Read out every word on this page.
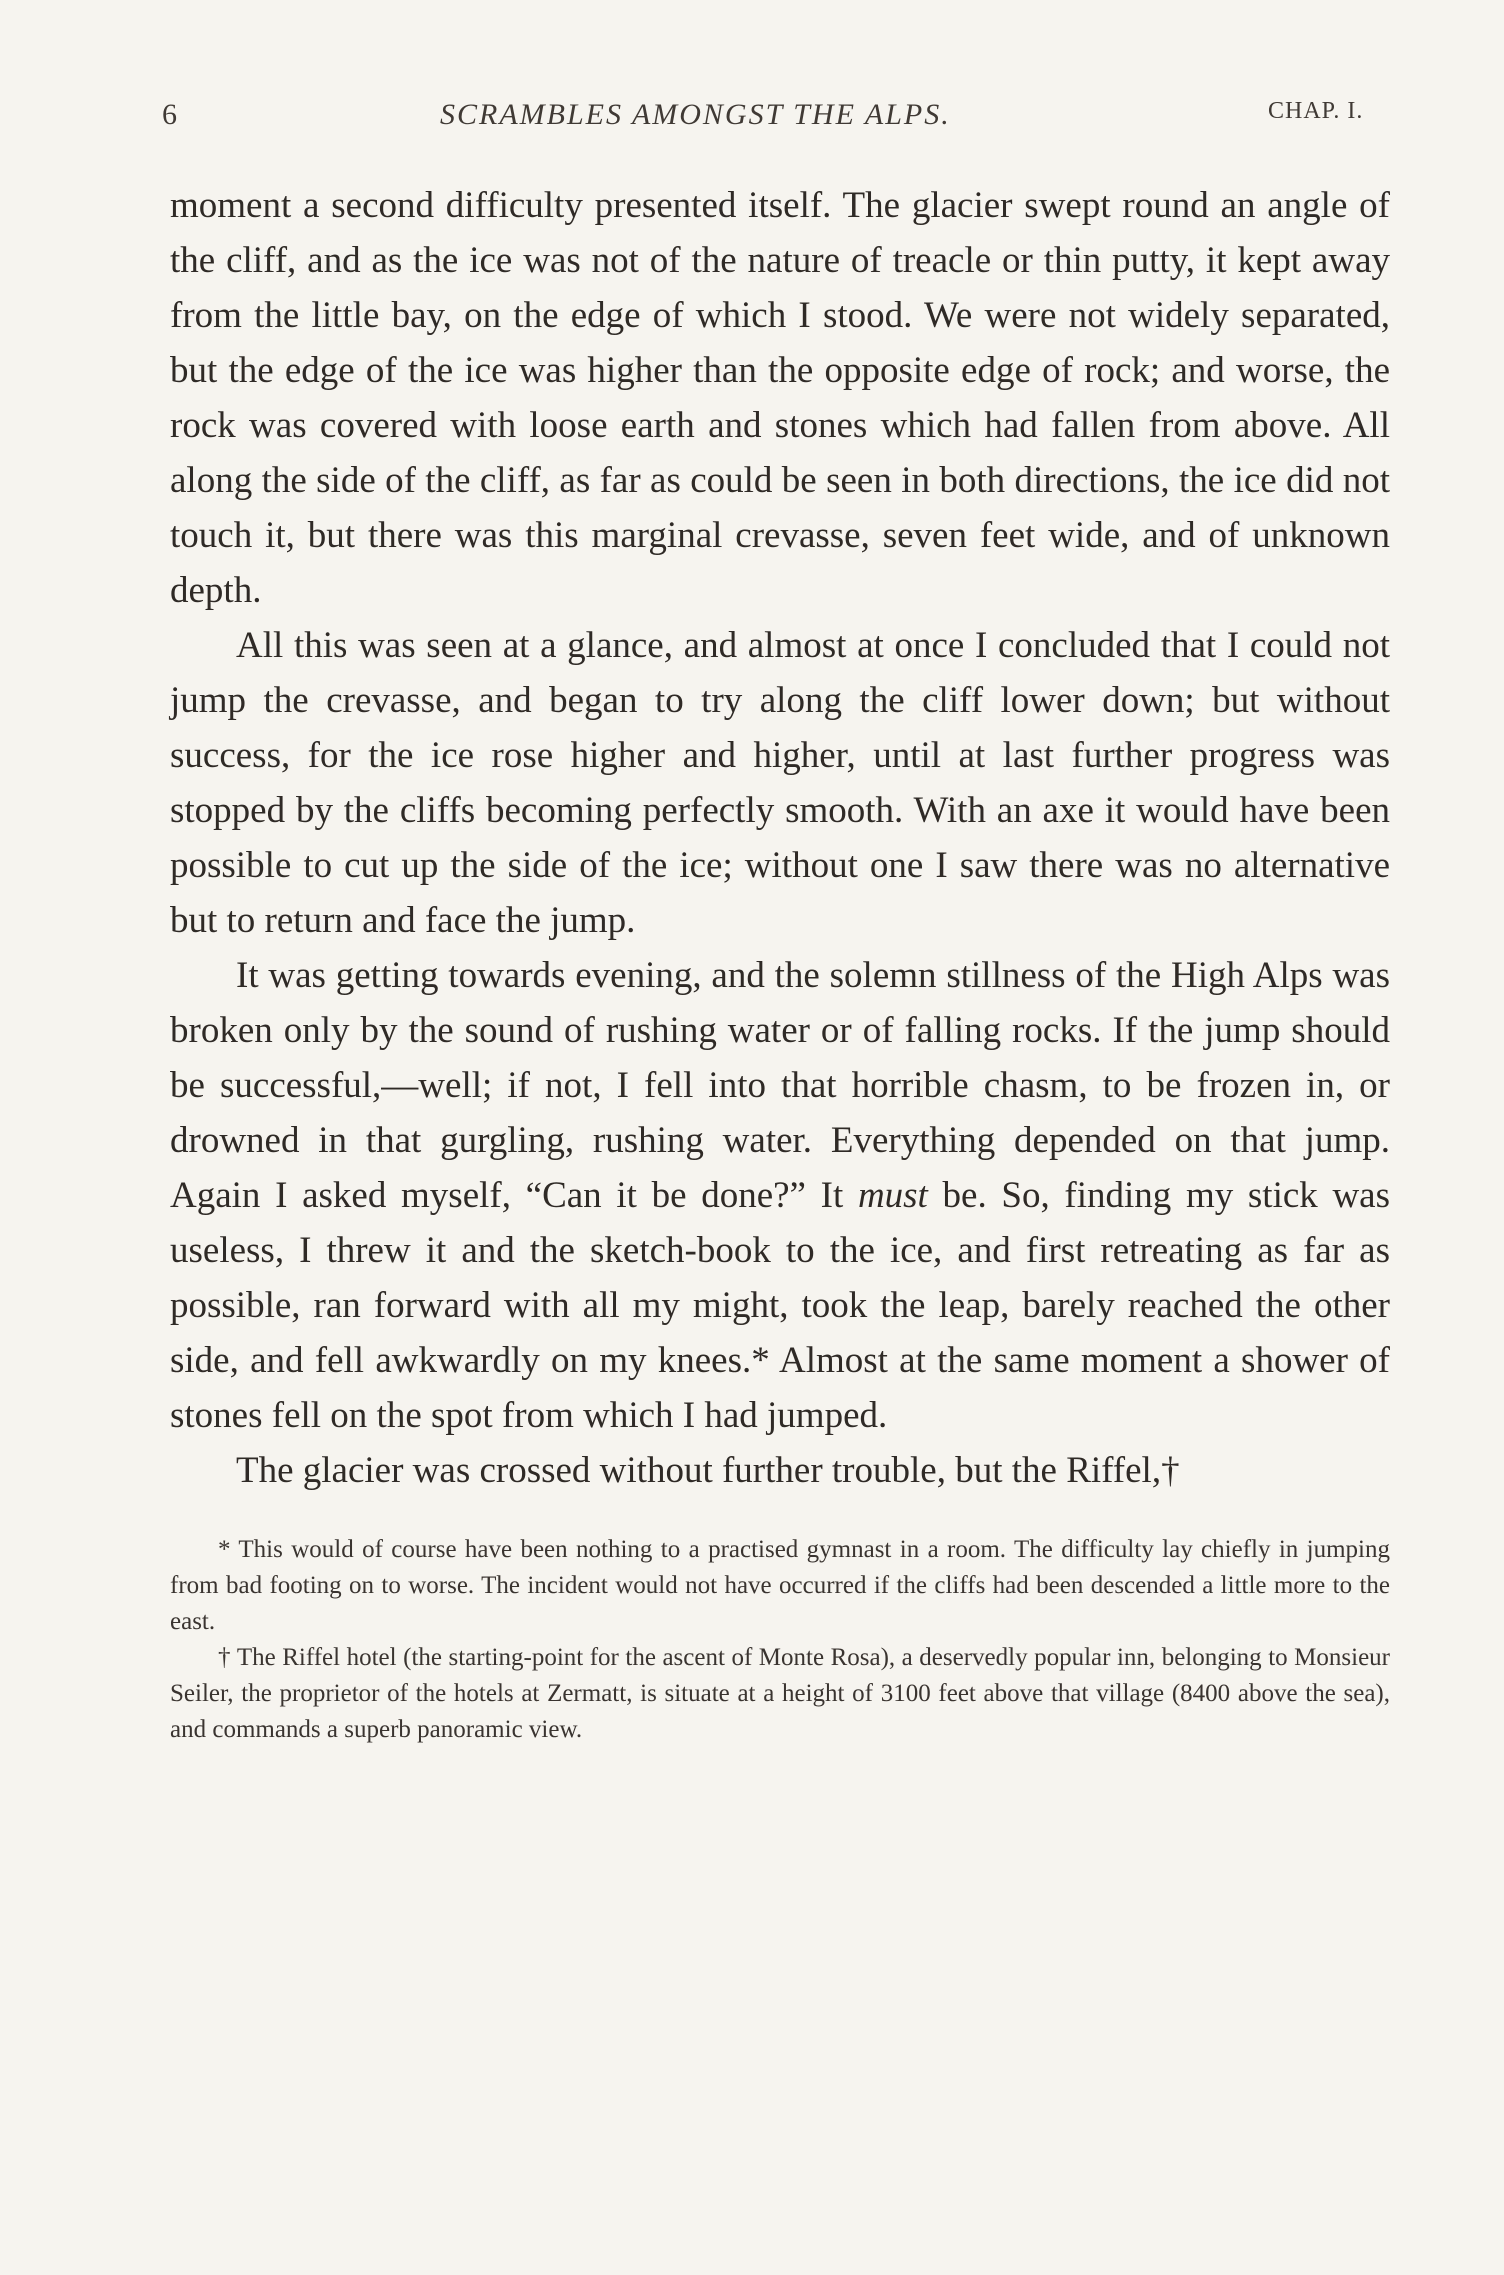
6	SCRAMBLES AMONGST THE ALPS.	CHAP. I.

moment a second difficulty presented itself. The glacier swept round an angle of the cliff, and as the ice was not of the nature of treacle or thin putty, it kept away from the little bay, on the edge of which I stood. We were not widely separated, but the edge of the ice was higher than the opposite edge of rock; and worse, the rock was covered with loose earth and stones which had fallen from above. All along the side of the cliff, as far as could be seen in both directions, the ice did not touch it, but there was this marginal crevasse, seven feet wide, and of unknown depth.

All this was seen at a glance, and almost at once I concluded that I could not jump the crevasse, and began to try along the cliff lower down; but without success, for the ice rose higher and higher, until at last further progress was stopped by the cliffs becoming perfectly smooth. With an axe it would have been possible to cut up the side of the ice; without one I saw there was no alternative but to return and face the jump.

It was getting towards evening, and the solemn stillness of the High Alps was broken only by the sound of rushing water or of falling rocks. If the jump should be successful,—well; if not, I fell into that horrible chasm, to be frozen in, or drowned in that gurgling, rushing water. Everything depended on that jump. Again I asked myself, “Can it be done?” It must be. So, finding my stick was useless, I threw it and the sketch-book to the ice, and first retreating as far as possible, ran forward with all my might, took the leap, barely reached the other side, and fell awkwardly on my knees.* Almost at the same moment a shower of stones fell on the spot from which I had jumped.

The glacier was crossed without further trouble, but the Riffel,†

* This would of course have been nothing to a practised gymnast in a room. The difficulty lay chiefly in jumping from bad footing on to worse. The incident would not have occurred if the cliffs had been descended a little more to the east.

† The Riffel hotel (the starting-point for the ascent of Monte Rosa), a deservedly popular inn, belonging to Monsieur Seiler, the proprietor of the hotels at Zermatt, is situate at a height of 3100 feet above that village (8400 above the sea), and commands a superb panoramic view.
